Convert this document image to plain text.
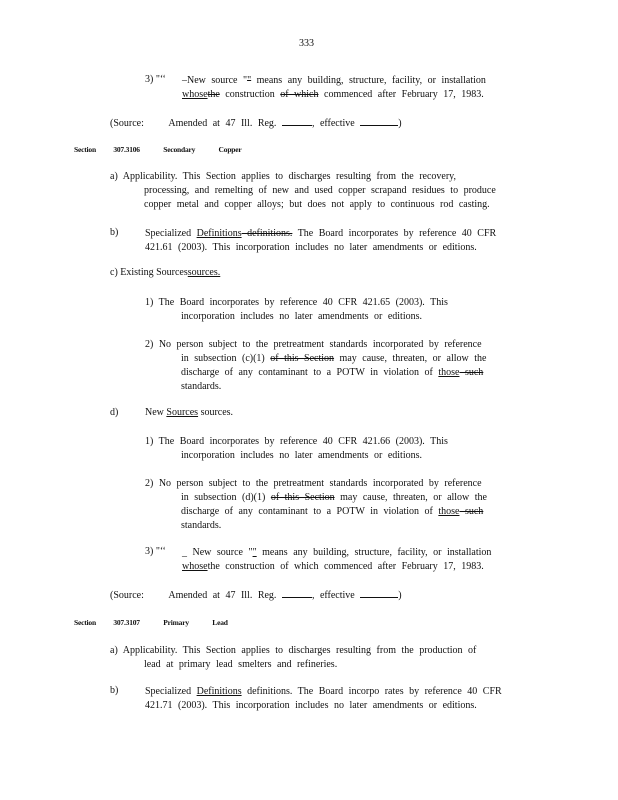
333
3) "‘‘ –New source "" means any building, structure, facility, or installation
whosethe construction of which commenced after February 17, 1983.
(Source: Amended at 47 Ill. Reg.	, effective	)
Section 307.3106	Secondary	Copper
a) Applicability. This Section applies to discharges resulting from the recovery,
processing, and remelting of new and used copper scrapand residues to produce
copper metal and copper alloys; but does not apply to continuous rod casting.
b)	Specialized Definitions definitions. The Board incorporates by reference 40 CFR
421.61 (2003). This incorporation includes no later amendments or editions.
c) Existing Sourcessources.
1) The Board incorporates by reference 40 CFR 421.65 (2003). This
incorporation includes no later amendments or editions.
2) No person subject to the pretreatment standards incorporated by reference
in subsection (c)(1) of this Section may cause, threaten, or allow the
discharge of any contaminant to a POTW in violation of those such
standards.
d)	New Sources sources.
1) The Board incorporates by reference 40 CFR 421.66 (2003). This
incorporation includes no later amendments or editions.
2) No person subject to the pretreatment standards incorporated by reference
in subsection (d)(1) of this Section may cause, threaten, or allow the
discharge of any contaminant to a POTW in violation of those such
standards.
3) "‘‘ _ New source "" means any building, structure, facility, or installation
whosethe construction of which commenced after February 17, 1983.
(Source: Amended at 47 Ill. Reg.	, effective	)
Section 307.3107	Primary	Lead
a) Applicability. This Section applies to discharges resulting from the production of
lead at primary lead smelters and refineries.
b)	Specialized Definitions definitions. The Board incorpo rates by reference 40 CFR
421.71 (2003). This incorporation includes no later amendments or editions.
